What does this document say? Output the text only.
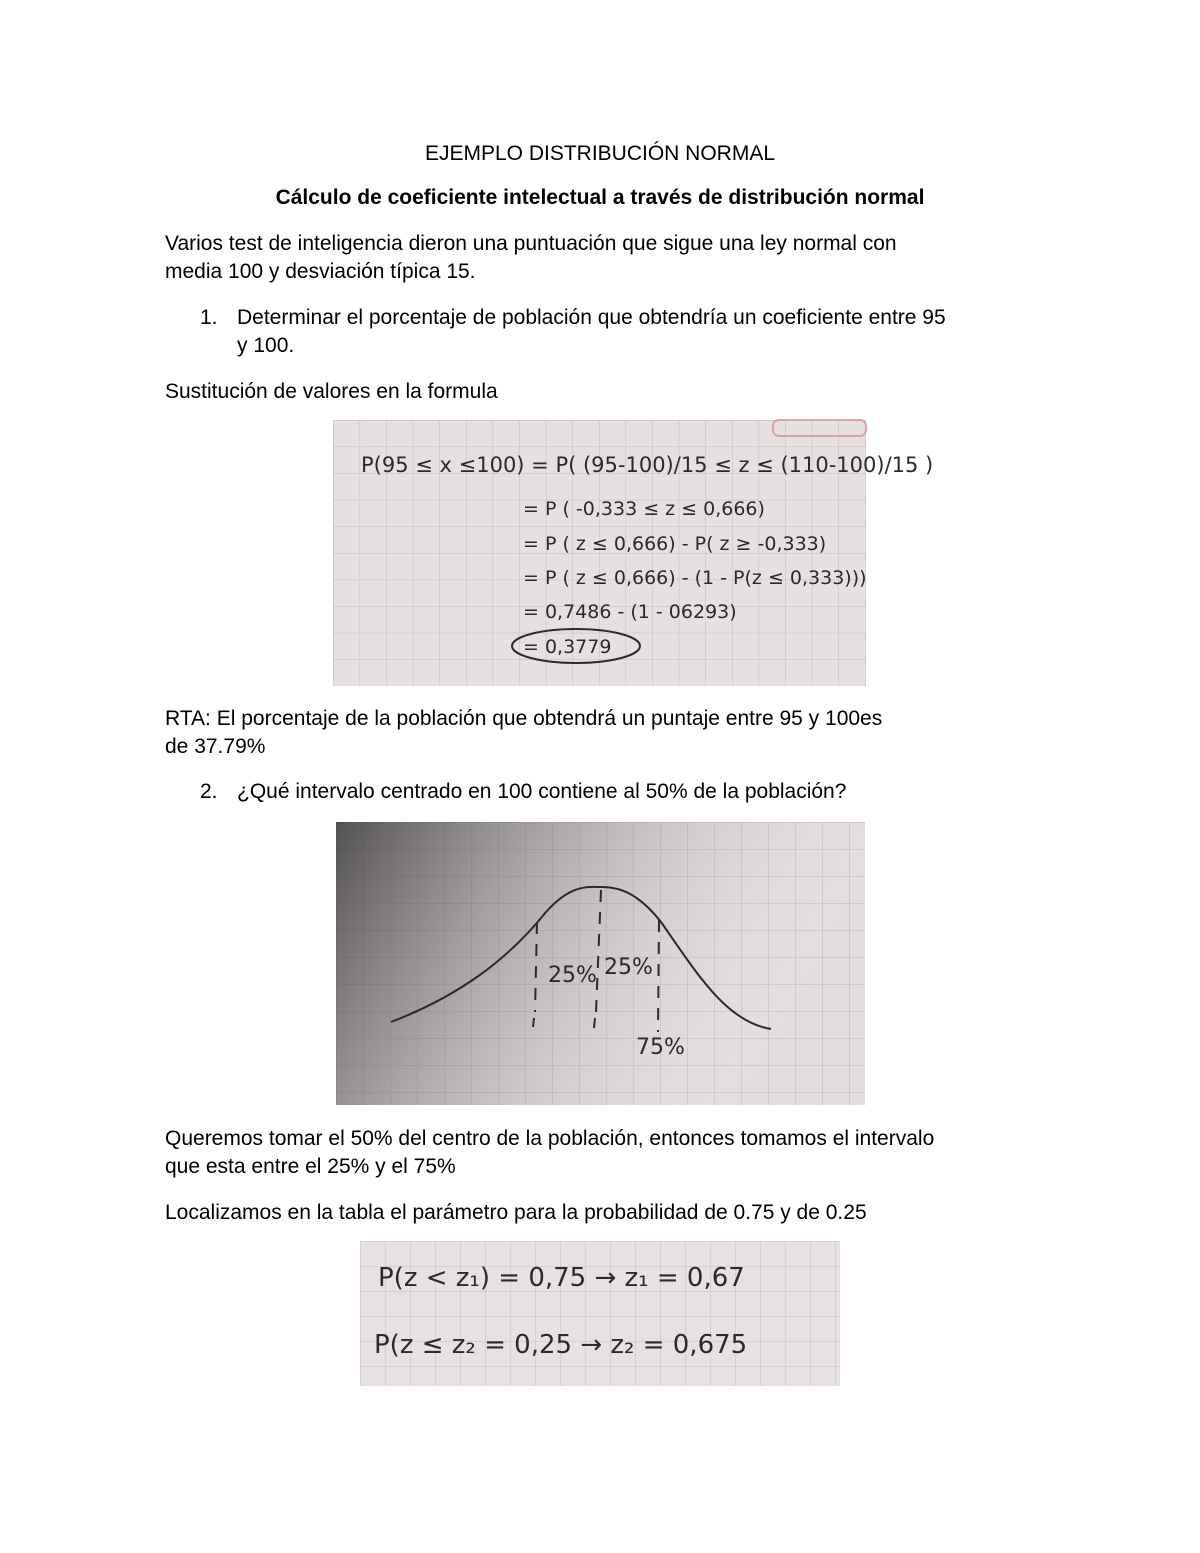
EJEMPLO DISTRIBUCIÓN NORMAL
Cálculo de coeficiente intelectual a través de distribución normal
Varios test de inteligencia dieron una puntuación que sigue una ley normal con
media 100 y desviación típica 15.
1. Determinar el porcentaje de población que obtendría un coeficiente entre 95
y 100.
Sustitución de valores en la formula
P(95 ≤ x ≤100) = P( (95-100)/15 ≤ z ≤ (110-100)/15 )
= P ( -0,333 ≤ z ≤ 0,666)
= P ( z ≤ 0,666) - P( z ≥ -0,333)
= P ( z ≤ 0,666) - (1 - P(z ≤ 0,333)))
= 0,7486 - (1 - 06293)
= 0,3779
RTA: El porcentaje de la población que obtendrá un puntaje entre 95 y 100es
de 37.79%
2. ¿Qué intervalo centrado en 100 contiene al 50% de la población?
25% 25%
75%
Queremos tomar el 50% del centro de la población, entonces tomamos el intervalo
que esta entre el 25% y el 75%
Localizamos en la tabla el parámetro para la probabilidad de 0.75 y de 0.25
P(z < z₁) = 0,75 → z₁ = 0,67
P(z ≤ z₂ = 0,25 → z₂ = 0,675
